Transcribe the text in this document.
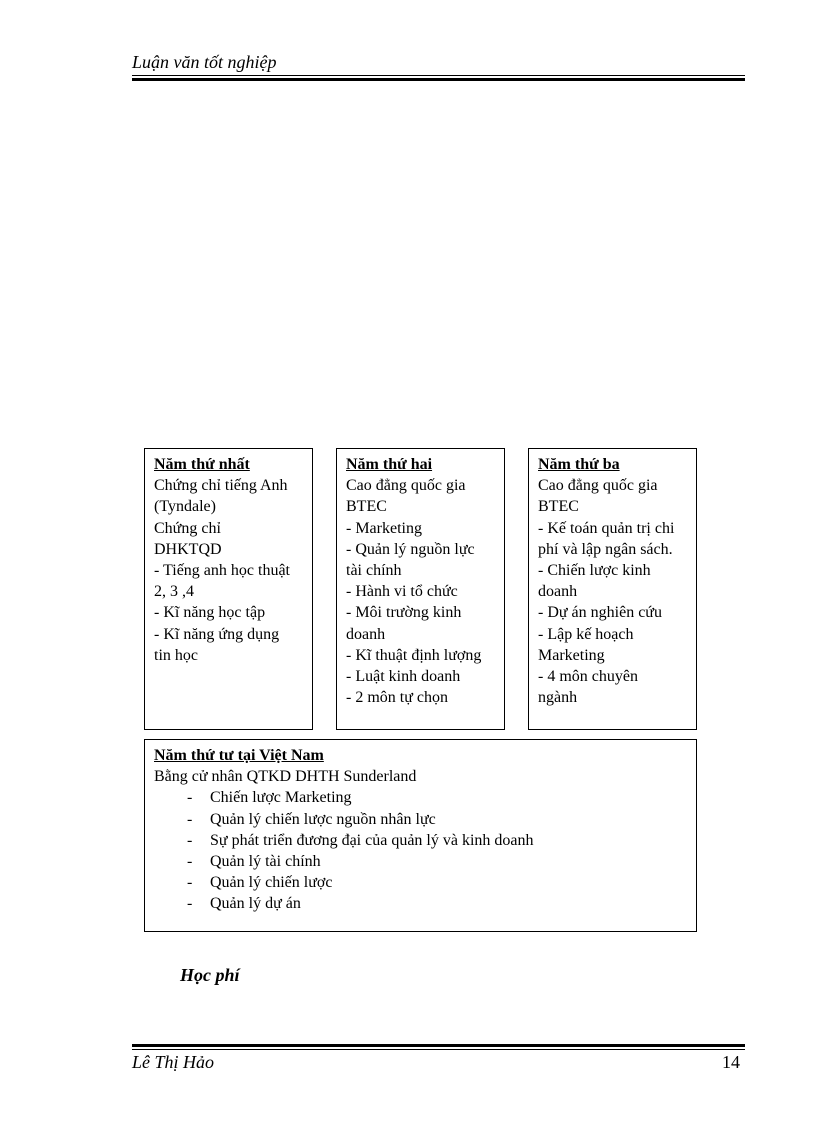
Luận văn tốt nghiệp
Năm thứ nhất
Chứng chỉ tiếng Anh
(Tyndale)
Chứng chỉ
DHKTQD
- Tiếng anh học thuật
2, 3 ,4
- Kĩ năng học tập
- Kĩ năng ứng dụng
tin học
Năm thứ hai
Cao đẳng quốc gia
BTEC
- Marketing
- Quản lý nguồn lực
tài chính
- Hành vi tổ chức
- Môi trường kinh
doanh
- Kĩ thuật định lượng
- Luật kinh doanh
- 2 môn tự chọn
Năm thứ ba
Cao đẳng quốc gia
BTEC
- Kế toán quản trị chi
phí và lập ngân sách.
- Chiến lược kinh
doanh
- Dự án nghiên cứu
- Lập kế hoạch
Marketing
- 4 môn chuyên
ngành
Năm thứ tư tại Việt Nam
Bằng cử nhân QTKD DHTH Sunderland
- Chiến lược Marketing
- Quản lý chiến lược nguồn nhân lực
- Sự phát triển đương đại của quản lý và kinh doanh
- Quản lý tài chính
- Quản lý chiến lược
- Quản lý dự án
Học phí
Lê Thị Hảo	14
